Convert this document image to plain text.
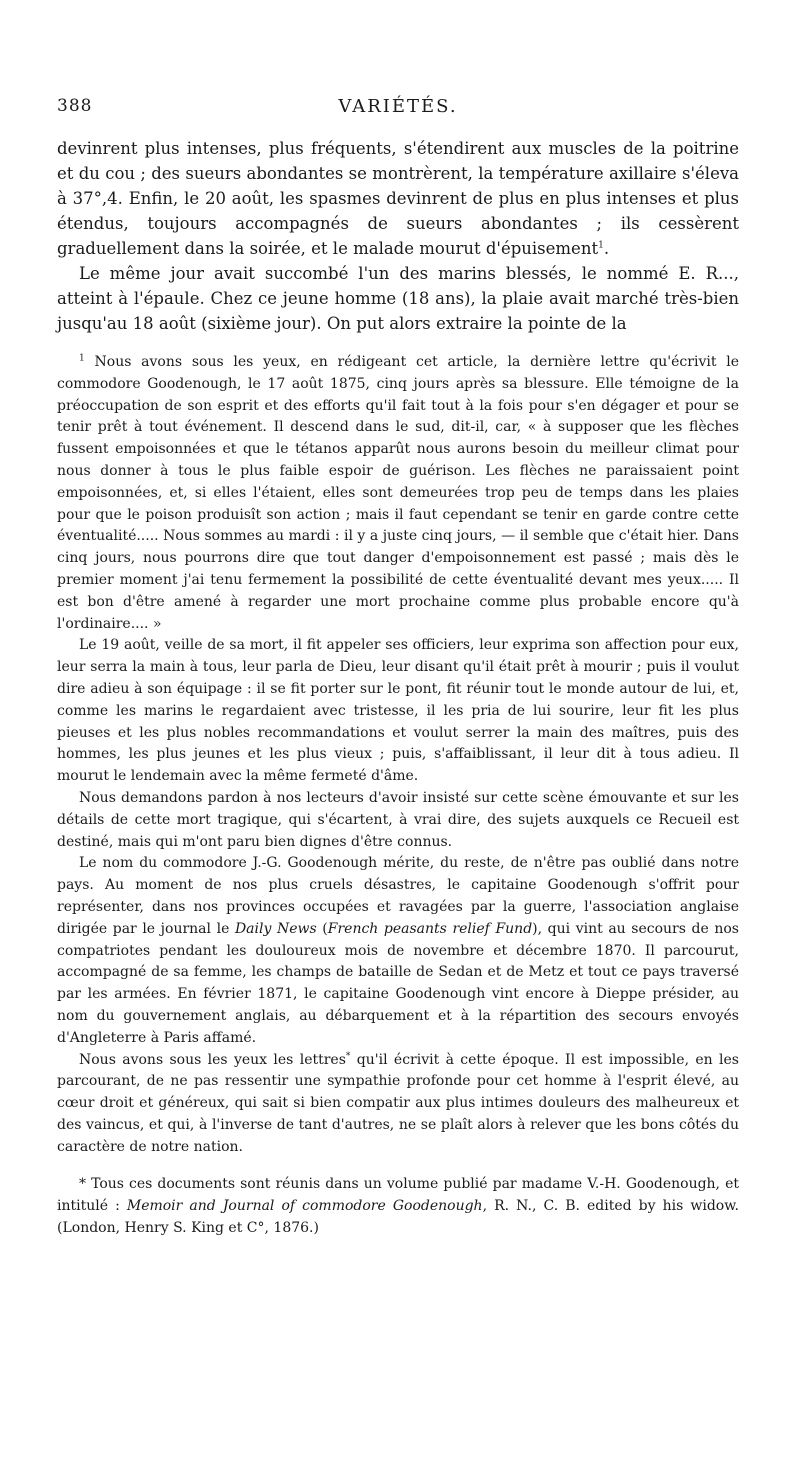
388	VARIÉTÉS.

devinrent plus intenses, plus fréquents, s'étendirent aux muscles de la poitrine et du cou ; des sueurs abondantes se montrèrent, la température axillaire s'éleva à 37°,4. Enfin, le 20 août, les spasmes devinrent de plus en plus intenses et plus étendus, toujours accompagnés de sueurs abondantes ; ils cessèrent graduellement dans la soirée, et le malade mourut d'épuisement$^1$.

Le même jour avait succombé l'un des marins blessés, le nommé E. R..., atteint à l'épaule. Chez ce jeune homme (18 ans), la plaie avait marché très-bien jusqu'au 18 août (sixième jour). On put alors extraire la pointe de la

$^1$ Nous avons sous les yeux, en rédigeant cet article, la dernière lettre qu'écrivit le commodore Goodenough, le 17 août 1875, cinq jours après sa blessure. Elle témoigne de la préoccupation de son esprit et des efforts qu'il fait tout à la fois pour s'en dégager et pour se tenir prêt à tout événement. Il descend dans le sud, dit-il, car, « à supposer que les flèches fussent empoisonnées et que le tétanos apparût nous aurons besoin du meilleur climat pour nous donner à tous le plus faible espoir de guérison. Les flèches ne paraissaient point empoisonnées, et, si elles l'étaient, elles sont demeurées trop peu de temps dans les plaies pour que le poison produisît son action ; mais il faut cependant se tenir en garde contre cette éventualité..... Nous sommes au mardi : il y a juste cinq jours, — il semble que c'était hier. Dans cinq jours, nous pourrons dire que tout danger d'empoisonnement est passé ; mais dès le premier moment j'ai tenu fermement la possibilité de cette éventualité devant mes yeux..... Il est bon d'être amené à regarder une mort prochaine comme plus probable encore qu'à l'ordinaire.... »

Le 19 août, veille de sa mort, il fit appeler ses officiers, leur exprima son affection pour eux, leur serra la main à tous, leur parla de Dieu, leur disant qu'il était prêt à mourir ; puis il voulut dire adieu à son équipage : il se fit porter sur le pont, fit réunir tout le monde autour de lui, et, comme les marins le regardaient avec tristesse, il les pria de lui sourire, leur fit les plus pieuses et les plus nobles recommandations et voulut serrer la main des maîtres, puis des hommes, les plus jeunes et les plus vieux ; puis, s'affaiblissant, il leur dit à tous adieu. Il mourut le lendemain avec la même fermeté d'âme.

Nous demandons pardon à nos lecteurs d'avoir insisté sur cette scène émouvante et sur les détails de cette mort tragique, qui s'écartent, à vrai dire, des sujets auxquels ce Recueil est destiné, mais qui m'ont paru bien dignes d'être connus.

Le nom du commodore J.-G. Goodenough mérite, du reste, de n'être pas oublié dans notre pays. Au moment de nos plus cruels désastres, le capitaine Goodenough s'offrit pour représenter, dans nos provinces occupées et ravagées par la guerre, l'association anglaise dirigée par le journal le Daily News (French peasants relief Fund), qui vint au secours de nos compatriotes pendant les douloureux mois de novembre et décembre 1870. Il parcourut, accompagné de sa femme, les champs de bataille de Sedan et de Metz et tout ce pays traversé par les armées. En février 1871, le capitaine Goodenough vint encore à Dieppe présider, au nom du gouvernement anglais, au débarquement et à la répartition des secours envoyés d'Angleterre à Paris affamé.

Nous avons sous les yeux les lettres* qu'il écrivit à cette époque. Il est impossible, en les parcourant, de ne pas ressentir une sympathie profonde pour cet homme à l'esprit élevé, au cœur droit et généreux, qui sait si bien compatir aux plus intimes douleurs des malheureux et des vaincus, et qui, à l'inverse de tant d'autres, ne se plaît alors à relever que les bons côtés du caractère de notre nation.

* Tous ces documents sont réunis dans un volume publié par madame V.-H. Goodenough, et intitulé : Memoir and Journal of commodore Goodenough, R. N., C. B. edited by his widow. (London, Henry S. King et C°, 1876.)
